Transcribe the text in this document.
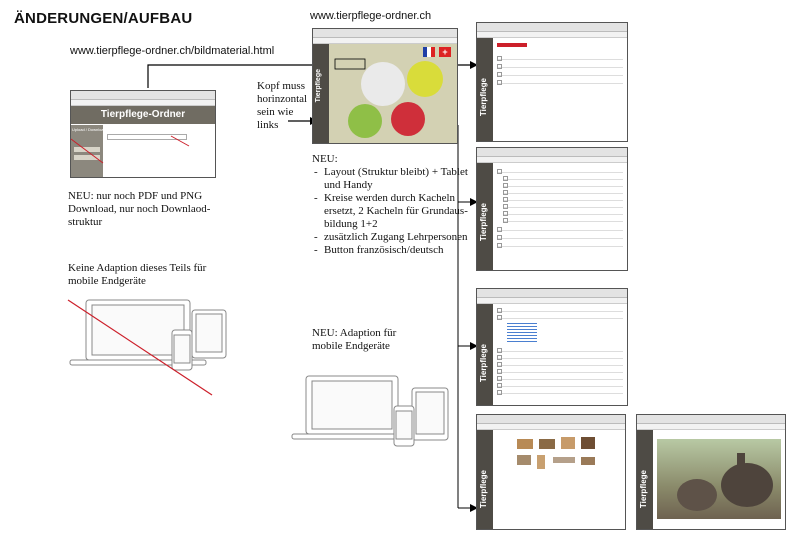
ÄNDERUNGEN/AUFBAU	www.tierpflege-ordner.ch
www.tierpflege-ordner.ch/bildmaterial.html
Kopf muss
horinzontal
sein wie
links
Tierpflege-Ordner
Upload / Download
NEU: nur noch PDF und PNG
Download, nur noch Downlaod-
struktur
Keine Adaption dieses Teils für
mobile Endgeräte
Tierpflege
+
NEU:
- Layout (Struktur bleibt) + Tablet und Handy
- Kreise werden durch Kacheln ersetzt, 2 Kacheln für Grundaus-bildung 1+2
- zusätzlich Zugang Lehrpersonen
- Button französisch/deutsch
NEU: Adaption für
mobile Endgeräte
Tierpflege
Tierpflege
Tierpflege
Tierpflege	Tierpflege
